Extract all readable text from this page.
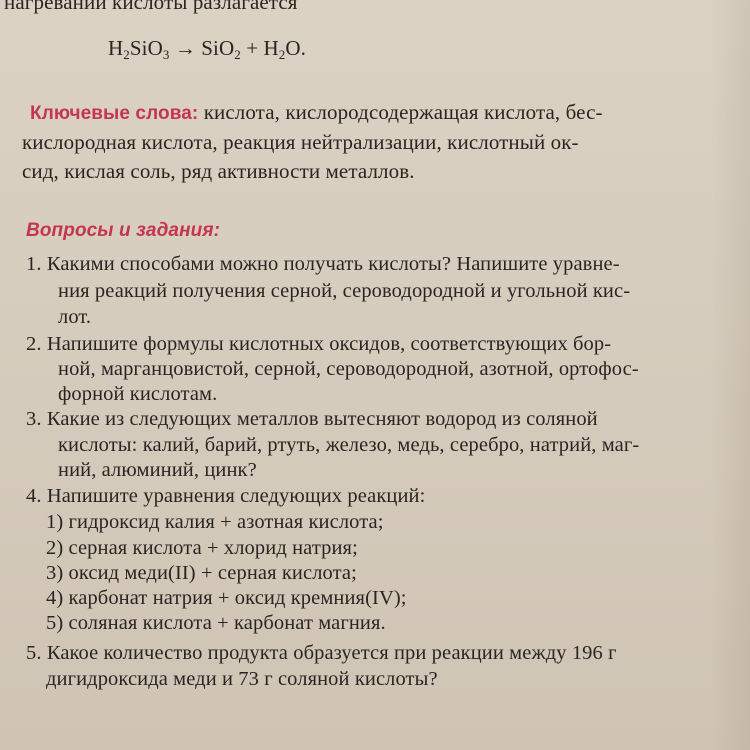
нагревании кислоты разлагается
$H_2SiO_3 \to SiO_2 + H_2O$.
Ключевые слова: кислота, кислородсодержащая кислота, бес-
кислородная кислота, реакция нейтрализации, кислотный ок-
сид, кислая соль, ряд активности металлов.
Вопросы и задания:
1. Какими способами можно получать кислоты? Напишите уравне-
ния реакций получения серной, сероводородной и угольной кис-
лот.
2. Напишите формулы кислотных оксидов, соответствующих бор-
ной, марганцовистой, серной, сероводородной, азотной, ортофос-
форной кислотам.
3. Какие из следующих металлов вытесняют водород из соляной
кислоты: калий, барий, ртуть, железо, медь, серебро, натрий, маг-
ний, алюминий, цинк?
4. Напишите уравнения следующих реакций:
1) гидроксид калия + азотная кислота;
2) серная кислота + хлорид натрия;
3) оксид меди(II) + серная кислота;
4) карбонат натрия + оксид кремния(IV);
5) соляная кислота + карбонат магния.
5. Какое количество продукта образуется при реакции между 196 г
дигидроксида меди и 73 г соляной кислоты?
